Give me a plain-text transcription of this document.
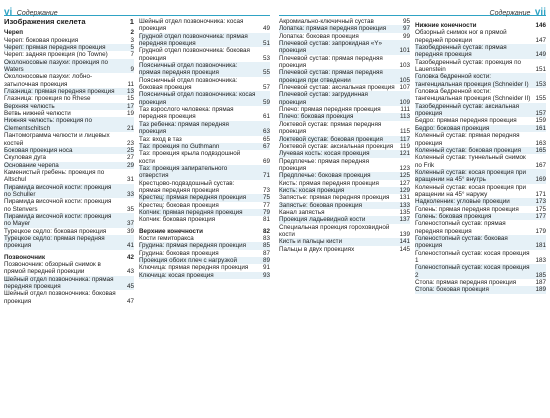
vi Содержание
Изображения скелета	1
Череп	2
Череп: боковая проекция	3
Череп: прямая передняя проекция	5
Череп: задняя проекция (по Towne)	7
Околоносовые пазухи: проекция по Waters	9
Околоносовые пазухи: лобно-затылочная проекция	11
Глазница: прямая передняя проекция	13
Глазница: проекция по Rhese	15
Верхняя челюсть	17
Ветвь нижней челюсти	19
Нижняя челюсть: проекция по Clementschitsch	21
Пантомограмма челюсти и лицевых костей	23
Боковая проекция носа	25
Скуловая дуга	27
Основание черепа	29
Каменистый гребень: проекция по Altschul	31
Пирамида височной кости: проекция по Schuller	33
Пирамида височной кости: проекция по Stenvers	35
Пирамида височной кости: проекция по Mayer	37
Турецкое седло: боковая проекция	39
Турецкое седло: прямая передняя проекция	41
Позвоночник	42
Позвоночник: обзорный снимок в прямой передней проекции	43
Шейный отдел позвоночника: прямая передняя проекция	45
Шейный отдел позвоночника: боковая проекция	47
Шейный отдел позвоночника: косая проекция	49
Грудной отдел позвоночника: прямая передняя проекция	51
Грудной отдел позвоночника: боковая проекция	53
Поясничный отдел позвоночника: прямая передняя проекция	55
Поясничный отдел позвоночника: боковая проекция	57
Поясничный отдел позвоночника: косая проекция	59
Таз взрослого человека: прямая передняя проекция	61
Таз ребенка: прямая передняя проекция	63
Таз: вход в таз	65
Таз: проекция по Guthmann	67
Таз: проекция крыла подвздошной кости	69
Таз: проекция запирательного отверстия	71
Крестцово-подвздошный сустав: прямая передняя проекция	73
Крестец: прямая передняя проекция	75
Крестец: боковая проекция	77
Копчик: прямая передняя проекция	79
Копчик: боковая проекция	81
Верхние конечности	82
Кости гемиторакса	83
Грудина: прямая передняя проекция	85
Грудина: боковая проекция	87
Проекция обоих плеч с нагрузкой	89
Ключица: прямая передняя проекция	91
Ключица: косая проекция	93
Содержание vii
Акромиально-ключичный сустав	95
Лопатка: прямая передняя проекция	97
Лопатка: боковая проекция	99
Плечевой сустав: запрокидная «Y» проекция	101
Плечевой сустав: прямая передняя проекция	103
Плечевой сустав: прямая передняя проекция при отведении	105
Плечевой сустав: аксиальная проекция 107
Плечевой сустав: загрудинная проекция	109
Плечо: прямая передняя проекция	111
Плечо: боковая проекция	113
Локтевой сустав: прямая передняя проекция	115
Локтевой сустав: боковая проекция	117
Локтевой сустав: аксиальная проекция	119
Лучевая кость: косая проекция	121
Предплечье: прямая передняя проекция	123
Предплечье: боковая проекция	125
Кисть: прямая передняя проекция	127
Кисть: косая проекция	129
Запястье: прямая передняя проекция	131
Запястье: боковая проекция	133
Канал запястья	135
Проекция ладьевидной кости	137
Специальная проекция гороховидной кости	139
Кисть и пальцы кисти	141
Пальцы в двух проекциях	145
Нижние конечности	146
Обзорный снимок ног в прямой передней проекции	147
Тазобедренный сустав: прямая передняя проекция	149
Тазобедренный сустав: проекция по Lauenstein	151
Головка бедренной кости: тангенциальная проекция (Schneider I)	153
Головка бедренной кости: тангенциальная проекция (Schneider II) 155
Тазобедренный сустав: аксиальная проекция	157
Бедро: прямая передняя проекция	159
Бедро: боковая проекция	161
Коленный сустав: прямая передняя проекция	163
Коленный сустав: боковая проекция	165
Коленный сустав: туннельный снимок по Frik	167
Коленный сустав: косая проекция при вращении на 45° внутрь	169
Коленный сустав: косая проекция при вращении на 45° наружу	171
Надколенник: угловые проекции	173
Голень: прямая передняя проекция	175
Голень: боковая проекция	177
Голеностопный сустав: прямая передняя проекция	179
Голеностопный сустав: боковая проекция	181
Голеностопный сустав: косая проекция 1	183
Голеностопный сустав: косая проекция 2	185
Стопа: прямая передняя проекция	187
Стопа: боковая проекция	189
